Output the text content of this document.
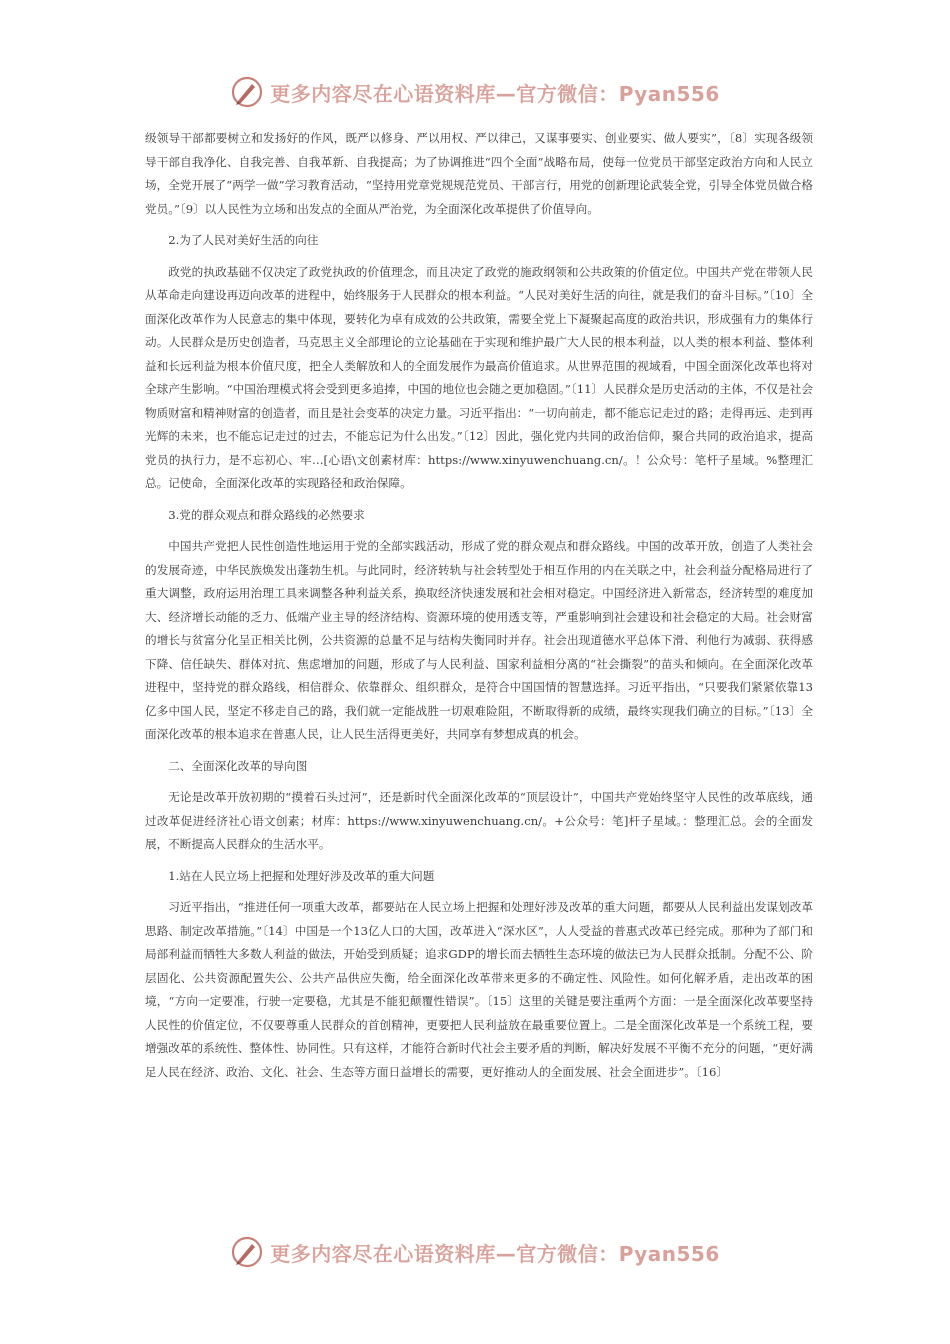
更多内容尽在心语资料库—官方微信：Pyan556
级领导干部都要树立和发扬好的作风，既严以修身、严以用权、严以律己，又谋事要实、创业要实、做人要实”，〔8〕实现各级领导干部自我净化、自我完善、自我革新、自我提高；为了协调推进“四个全面”战略布局，使每一位党员干部坚定政治方向和人民立场，全党开展了“两学一做”学习教育活动，“坚持用党章党规规范党员、干部言行，用党的创新理论武装全党，引导全体党员做合格党员。”〔9〕以人民性为立场和出发点的全面从严治党，为全面深化改革提供了价值导向。
2.为了人民对美好生活的向往
政党的执政基础不仅决定了政党执政的价值理念，而且决定了政党的施政纲领和公共政策的价值定位。中国共产党在带领人民从革命走向建设再迈向改革的进程中，始终服务于人民群众的根本利益。“人民对美好生活的向往，就是我们的奋斗目标。”〔10〕全面深化改革作为人民意志的集中体现，要转化为卓有成效的公共政策，需要全党上下凝聚起高度的政治共识，形成强有力的集体行动。人民群众是历史创造者，马克思主义全部理论的立论基础在于实现和维护最广大人民的根本利益，以人类的根本利益、整体利益和长远利益为根本价值尺度，把全人类解放和人的全面发展作为最高价值追求。从世界范围的视域看，中国全面深化改革也将对全球产生影响。“中国治理模式将会受到更多追捧，中国的地位也会随之更加稳固。”〔11〕人民群众是历史活动的主体，不仅是社会物质财富和精神财富的创造者，而且是社会变革的决定力量。习近平指出：“一切向前走，都不能忘记走过的路；走得再远、走到再光辉的未来，也不能忘记走过的过去，不能忘记为什么出发。”〔12〕因此，强化党内共同的政治信仰，聚合共同的政治追求，提高党员的执行力，是不忘初心、牢…[心语\文创素材库：https://www.xinyuwenchuang.cn/。！公众号：笔杆子星域。%整理汇总。记使命，全面深化改革的实现路径和政治保障。
3.党的群众观点和群众路线的必然要求
中国共产党把人民性创造性地运用于党的全部实践活动，形成了党的群众观点和群众路线。中国的改革开放，创造了人类社会的发展奇迹，中华民族焕发出蓬勃生机。与此同时，经济转轨与社会转型处于相互作用的内在关联之中，社会利益分配格局进行了重大调整，政府运用治理工具来调整各种利益关系，换取经济快速发展和社会相对稳定。中国经济进入新常态，经济转型的难度加大、经济增长动能的乏力、低端产业主导的经济结构、资源环境的使用透支等，严重影响到社会建设和社会稳定的大局。社会财富的增长与贫富分化呈正相关比例，公共资源的总量不足与结构失衡同时并存。社会出现道德水平总体下滑、利他行为减弱、获得感下降、信任缺失、群体对抗、焦虑增加的问题，形成了与人民利益、国家利益相分离的“社会撕裂”的苗头和倾向。在全面深化改革进程中，坚持党的群众路线，相信群众、依靠群众、组织群众，是符合中国国情的智慧选择。习近平指出，“只要我们紧紧依靠13亿多中国人民，坚定不移走自己的路，我们就一定能战胜一切艰难险阻，不断取得新的成绩，最终实现我们确立的目标。”〔13〕全面深化改革的根本追求在普惠人民，让人民生活得更美好，共同享有梦想成真的机会。
二、全面深化改革的导向图
无论是改革开放初期的“摸着石头过河”，还是新时代全面深化改革的“顶层设计”，中国共产党始终坚守人民性的改革底线，通过改革促进经济社心语文创素；材库：https://www.xinyuwenchuang.cn/。+公众号：笔]杆子星域。：整理汇总。会的全面发展，不断提高人民群众的生活水平。
1.站在人民立场上把握和处理好涉及改革的重大问题
习近平指出，“推进任何一项重大改革，都要站在人民立场上把握和处理好涉及改革的重大问题，都要从人民利益出发谋划改革思路、制定改革措施。”〔14〕中国是一个13亿人口的大国，改革进入“深水区”，人人受益的普惠式改革已经完成。那种为了部门和局部利益而牺牲大多数人利益的做法，开始受到质疑；追求GDP的增长而去牺牲生态环境的做法已为人民群众抵制。分配不公、阶层固化、公共资源配置失公、公共产品供应失衡，给全面深化改革带来更多的不确定性、风险性。如何化解矛盾，走出改革的困境，“方向一定要准，行驶一定要稳，尤其是不能犯颠覆性错误”。〔15〕这里的关键是要注重两个方面：一是全面深化改革要坚持人民性的价值定位，不仅要尊重人民群众的首创精神，更要把人民利益放在最重要位置上。二是全面深化改革是一个系统工程，要增强改革的系统性、整体性、协同性。只有这样，才能符合新时代社会主要矛盾的判断，解决好发展不平衡不充分的问题，“更好满足人民在经济、政治、文化、社会、生态等方面日益增长的需要，更好推动人的全面发展、社会全面进步”。〔16〕
更多内容尽在心语资料库—官方微信：Pyan556
